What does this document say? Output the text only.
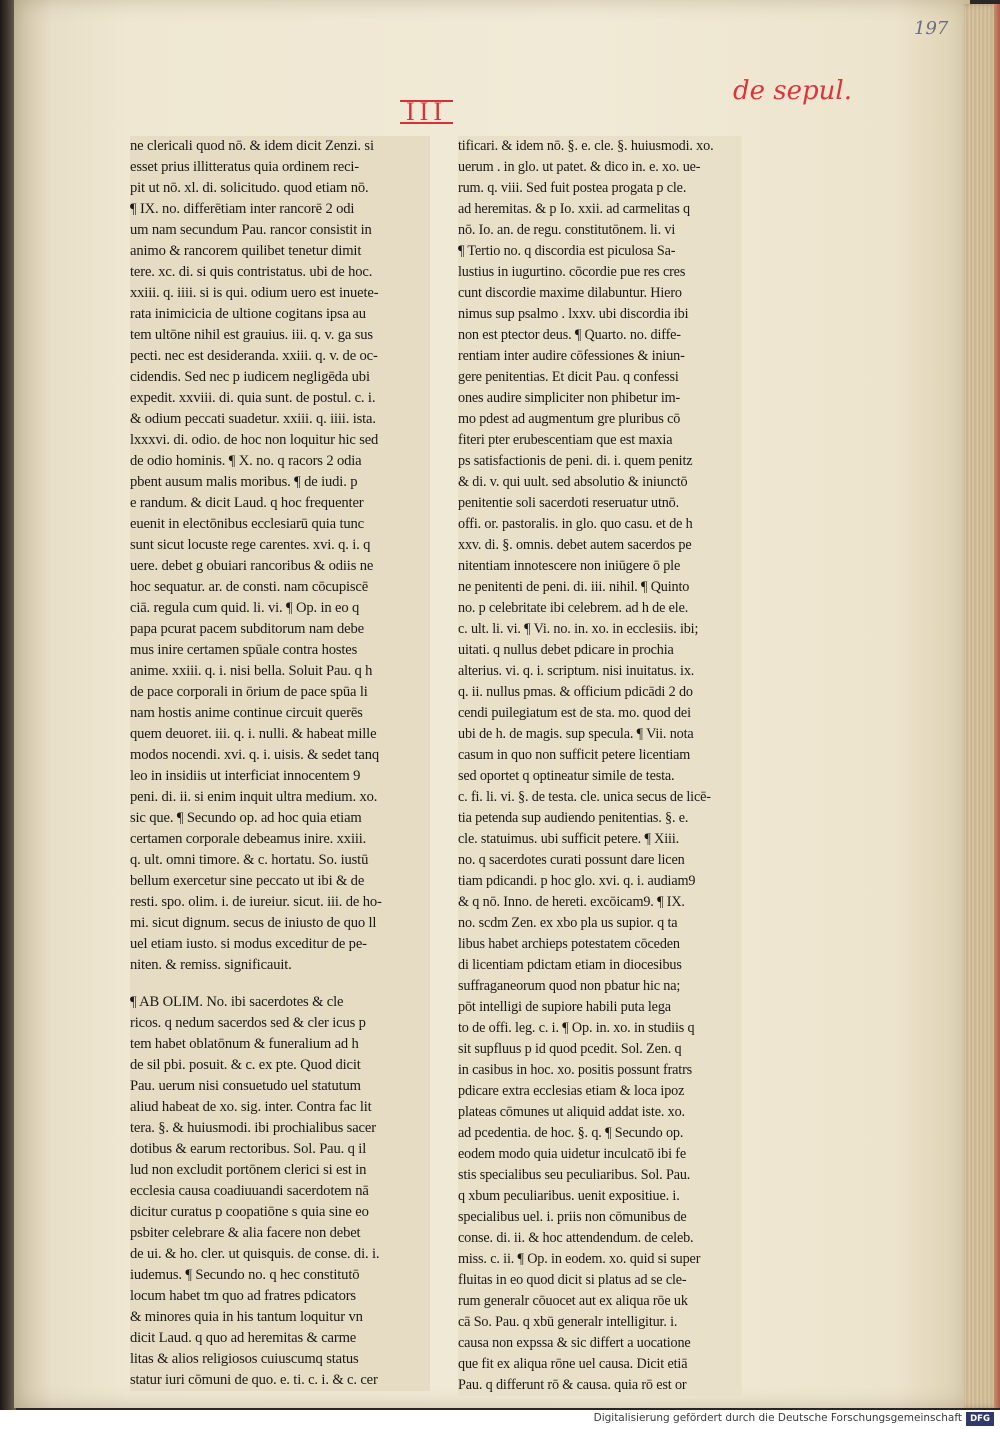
197
III
de sepul.
ne clericali quod nō. & idem dicit Zenzi. si
esset prius illitteratus quia ordinem reci-
pit ut nō. xl. di. solicitudo. quod etiam nō.
¶ IX. no. differētiam inter rancorē 2 odi
um nam secundum Pau. rancor consistit in
animo & rancorem quilibet tenetur dimit
tere. xc. di. si quis contristatus. ubi de hoc.
xxiii. q. iiii. si is qui. odium uero est inuete-
rata inimicicia de ultione cogitans ipsa au
tem ultōne nihil est grauius. iii. q. v. ga sus
pecti. nec est desideranda. xxiii. q. v. de oc-
cidendis. Sed nec p iudicem negligēda ubi
expedit. xxviii. di. quia sunt. de postul. c. i.
& odium peccati suadetur. xxiii. q. iiii. ista.
lxxxvi. di. odio. de hoc non loquitur hic sed
de odio hominis. ¶ X. no. q racors 2 odia
pbent ausum malis moribus. ¶ de iudi. p
e randum. & dicit Laud. q hoc frequenter
euenit in electōnibus ecclesiarū quia tunc
sunt sicut locuste rege carentes. xvi. q. i. q
uere. debet g obuiari rancoribus & odiis ne
hoc sequatur. ar. de consti. nam cōcupiscē
ciā. regula cum quid. li. vi. ¶ Op. in eo q
papa pcurat pacem subditorum nam debe
mus inire certamen spūale contra hostes
anime. xxiii. q. i. nisi bella. Soluit Pau. q h
de pace corporali in ōrium de pace spūa li
nam hostis anime continue circuit querēs
quem deuoret. iii. q. i. nulli. & habeat mille
modos nocendi. xvi. q. i. uisis. & sedet tanq
leo in insidiis ut interficiat innocentem 9
peni. di. ii. si enim inquit ultra medium. xo.
sic que. ¶ Secundo op. ad hoc quia etiam
certamen corporale debeamus inire. xxiii.
q. ult. omni timore. & c. hortatu. So. iustū
bellum exercetur sine peccato ut ibi & de
resti. spo. olim. i. de iureiur. sicut. iii. de ho-
mi. sicut dignum. secus de iniusto de quo ll
uel etiam iusto. si modus exceditur de pe-
niten. & remiss. significauit.
¶ AB OLIM. No. ibi sacerdotes & cle
ricos. q nedum sacerdos sed & cler icus p
tem habet oblatōnum & funeralium ad h
de sil pbi. posuit. & c. ex pte. Quod dicit
Pau. uerum nisi consuetudo uel statutum
aliud habeat de xo. sig. inter. Contra fac lit
tera. §. & huiusmodi. ibi prochialibus sacer
dotibus & earum rectoribus. Sol. Pau. q il
lud non excludit portōnem clerici si est in
ecclesia causa coadiuuandi sacerdotem nā
dicitur curatus p coopatiōne s quia sine eo
psbiter celebrare & alia facere non debet
de ui. & ho. cler. ut quisquis. de conse. di. i.
iudemus. ¶ Secundo no. q hec constitutō
locum habet tm quo ad fratres pdicators
& minores quia in his tantum loquitur vn
dicit Laud. q quo ad heremitas & carme
litas & alios religiosos cuiuscumq status
statur iuri cōmuni de quo. e. ti. c. i. & c. cer
tificari. & idem nō. §. e. cle. §. huiusmodi. xo.
uerum . in glo. ut patet. & dico in. e. xo. ue-
rum. q. viii. Sed fuit postea progata p cle.
ad heremitas. & p Io. xxii. ad carmelitas q
nō. Io. an. de regu. constitutōnem. li. vi
¶ Tertio no. q discordia est piculosa Sa-
lustius in iugurtino. cōcordie pue res cres
cunt discordie maxime dilabuntur. Hiero
nimus sup psalmo . lxxv. ubi discordia ibi
non est ptector deus. ¶ Quarto. no. diffe-
rentiam inter audire cōfessiones & iniun-
gere penitentias. Et dicit Pau. q confessi
ones audire simpliciter non phibetur im-
mo pdest ad augmentum gre pluribus cō
fiteri pter erubescentiam que est maxia
ps satisfactionis de peni. di. i. quem penitz
& di. v. qui uult. sed absolutio & iniunctō
penitentie soli sacerdoti reseruatur utnō.
offi. or. pastoralis. in glo. quo casu. et de h
xxv. di. §. omnis. debet autem sacerdos pe
nitentiam innotescere non iniūgere ō ple
ne penitenti de peni. di. iii. nihil. ¶ Quinto
no. p celebritate ibi celebrem. ad h de ele.
c. ult. li. vi. ¶ Vi. no. in. xo. in ecclesiis. ibi;
uitati. q nullus debet pdicare in prochia
alterius. vi. q. i. scriptum. nisi inuitatus. ix.
q. ii. nullus pmas. & officium pdicādi 2 do
cendi puilegiatum est de sta. mo. quod dei
ubi de h. de magis. sup specula. ¶ Vii. nota
casum in quo non sufficit petere licentiam
sed oportet q optineatur simile de testa.
c. fi. li. vi. §. de testa. cle. unica secus de licē-
tia petenda sup audiendo penitentias. §. e.
cle. statuimus. ubi sufficit petere. ¶ Xiii.
no. q sacerdotes curati possunt dare licen
tiam pdicandi. p hoc glo. xvi. q. i. audiam9
& q nō. Inno. de hereti. excōicam9. ¶ IX.
no. scdm Zen. ex xbo pla us supior. q ta
libus habet archieps potestatem cōceden
di licentiam pdictam etiam in diocesibus
suffraganeorum quod non pbatur hic na;
pōt intelligi de supiore habili puta lega
to de offi. leg. c. i. ¶ Op. in. xo. in studiis q
sit supfluus p id quod pcedit. Sol. Zen. q
in casibus in hoc. xo. positis possunt fratrs
pdicare extra ecclesias etiam & loca ipoz
plateas cōmunes ut aliquid addat iste. xo.
ad pcedentia. de hoc. §. q. ¶ Secundo op.
eodem modo quia uidetur inculcatō ibi fe
stis specialibus seu peculiaribus. Sol. Pau.
q xbum peculiaribus. uenit expositiue. i.
specialibus uel. i. priis non cōmunibus de
conse. di. ii. & hoc attendendum. de celeb.
miss. c. ii. ¶ Op. in eodem. xo. quid si super
fluitas in eo quod dicit si platus ad se cle-
rum generalr cōuocet aut ex aliqua rōe uk
cā So. Pau. q xbū generalr intelligitur. i.
causa non expssa & sic differt a uocatione
que fit ex aliqua rōne uel causa. Dicit etiā
Pau. q differunt rō & causa. quia rō est or
Digitalisierung gefördert durch die Deutsche Forschungsgemeinschaft DFG
